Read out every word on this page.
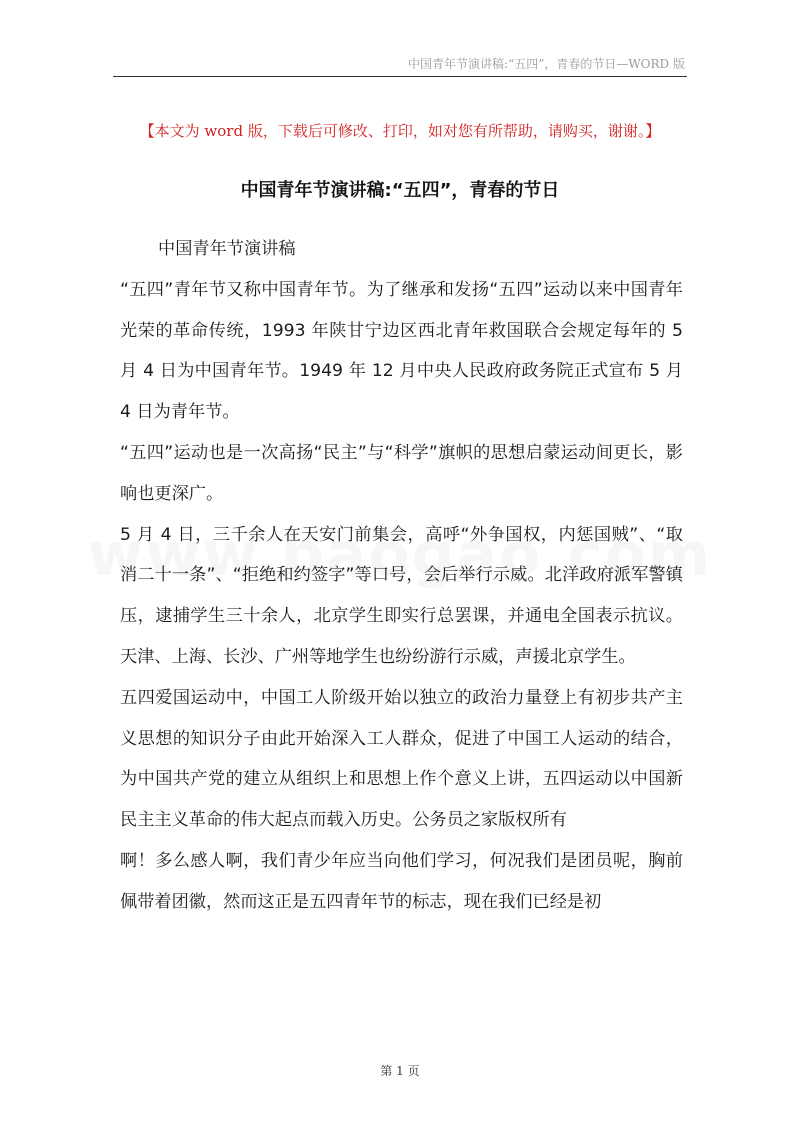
中国青年节演讲稿:“五四”，青春的节日—WORD 版
【本文为 word 版，下载后可修改、打印，如对您有所帮助，请购买，谢谢。】
中国青年节演讲稿:“五四”，青春的节日

中国青年节演讲稿

“五四”青年节又称中国青年节。为了继承和发扬“五四”运动以来中国青年光荣的革命传统，1993 年陕甘宁边区西北青年救国联合会规定每年的 5 月 4 日为中国青年节。1949 年 12 月中央人民政府政务院正式宣布 5 月 4 日为青年节。

“五四”运动也是一次高扬“民主”与“科学”旗帜的思想启蒙运动间更长，影响也更深广。

5 月 4 日，三千余人在天安门前集会，高呼“外争国权，内惩国贼”、“取消二十一条”、“拒绝和约签字”等口号，会后举行示威。北洋政府派军警镇压，逮捕学生三十余人，北京学生即实行总罢课，并通电全国表示抗议。天津、上海、长沙、广州等地学生也纷纷游行示威，声援北京学生。

五四爱国运动中，中国工人阶级开始以独立的政治力量登上有初步共产主义思想的知识分子由此开始深入工人群众，促进了中国工人运动的结合，为中国共产党的建立从组织上和思想上作个意义上讲，五四运动以中国新民主主义革命的伟大起点而载入历史。公务员之家版权所有

啊！多么感人啊，我们青少年应当向他们学习，何况我们是团员呢，胸前佩带着团徽，然而这正是五四青年节的标志，现在我们已经是初

第 1 页
